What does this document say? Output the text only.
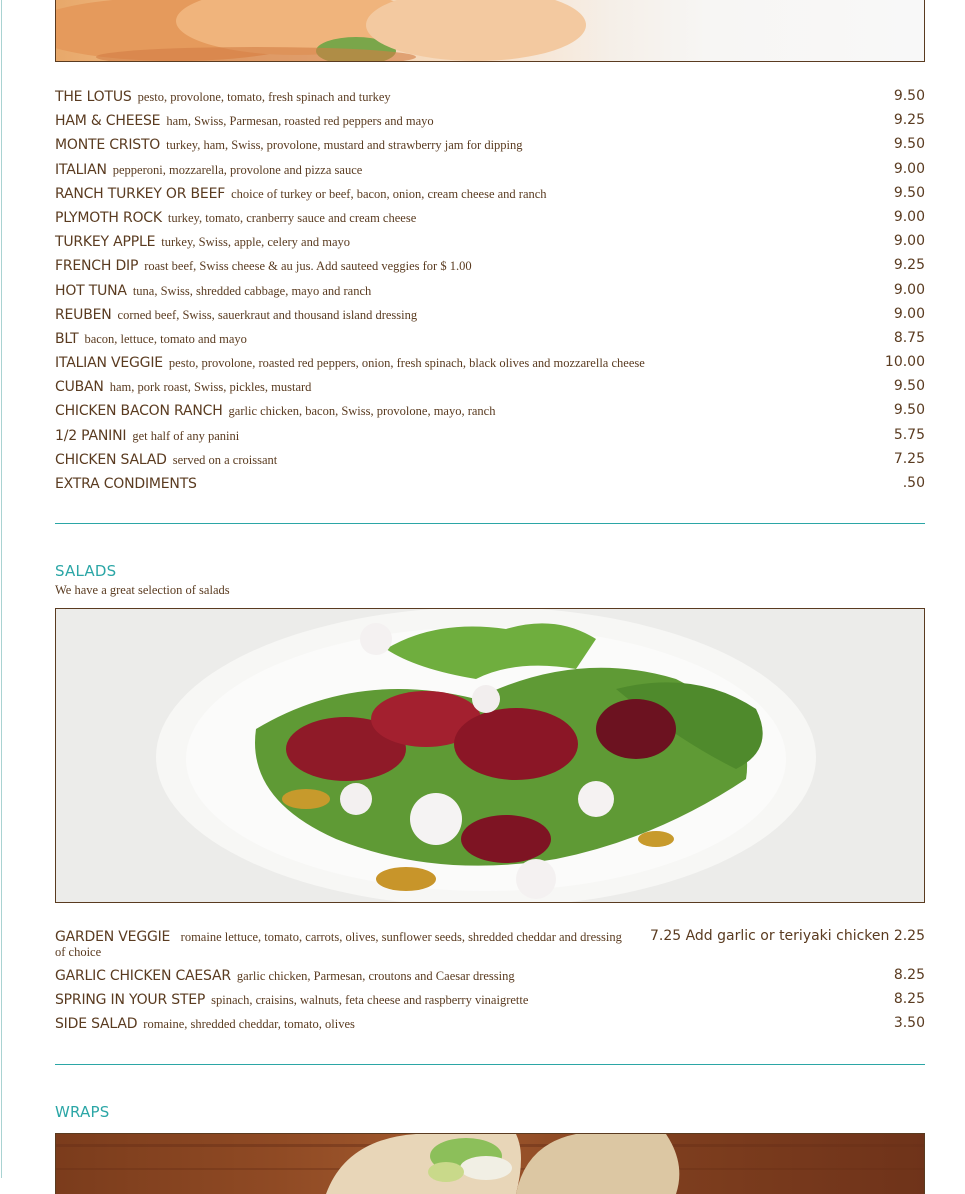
THE LOTUS pesto, provolone, tomato, fresh spinach and turkey	9.50
HAM & CHEESE ham, Swiss, Parmesan, roasted red peppers and mayo	9.25
MONTE CRISTO turkey, ham, Swiss, provolone, mustard and strawberry jam for dipping	9.50
ITALIAN pepperoni, mozzarella, provolone and pizza sauce	9.00
RANCH TURKEY OR BEEF choice of turkey or beef, bacon, onion, cream cheese and ranch	9.50
PLYMOTH ROCK turkey, tomato, cranberry sauce and cream cheese	9.00
TURKEY APPLE turkey, Swiss, apple, celery and mayo	9.00
FRENCH DIP roast beef, Swiss cheese & au jus. Add sauteed veggies for $ 1.00	9.25
HOT TUNA tuna, Swiss, shredded cabbage, mayo and ranch	9.00
REUBEN corned beef, Swiss, sauerkraut and thousand island dressing	9.00
BLT bacon, lettuce, tomato and mayo	8.75
ITALIAN VEGGIE pesto, provolone, roasted red peppers, onion, fresh spinach, black olives and mozzarella cheese	10.00
CUBAN ham, pork roast, Swiss, pickles, mustard	9.50
CHICKEN BACON RANCH garlic chicken, bacon, Swiss, provolone, mayo, ranch	9.50
1/2 PANINI get half of any panini	5.75
CHICKEN SALAD served on a croissant	7.25
EXTRA CONDIMENTS	.50
SALADS
We have a great selection of salads
GARDEN VEGGIE romaine lettuce, tomato, carrots, olives, sunflower seeds, shredded cheddar and dressing 7.25 Add garlic or teriyaki chicken 2.25
of choice
GARLIC CHICKEN CAESAR garlic chicken, Parmesan, croutons and Caesar dressing	8.25
SPRING IN YOUR STEP spinach, craisins, walnuts, feta cheese and raspberry vinaigrette	8.25
SIDE SALAD romaine, shredded cheddar, tomato, olives	3.50
WRAPS
